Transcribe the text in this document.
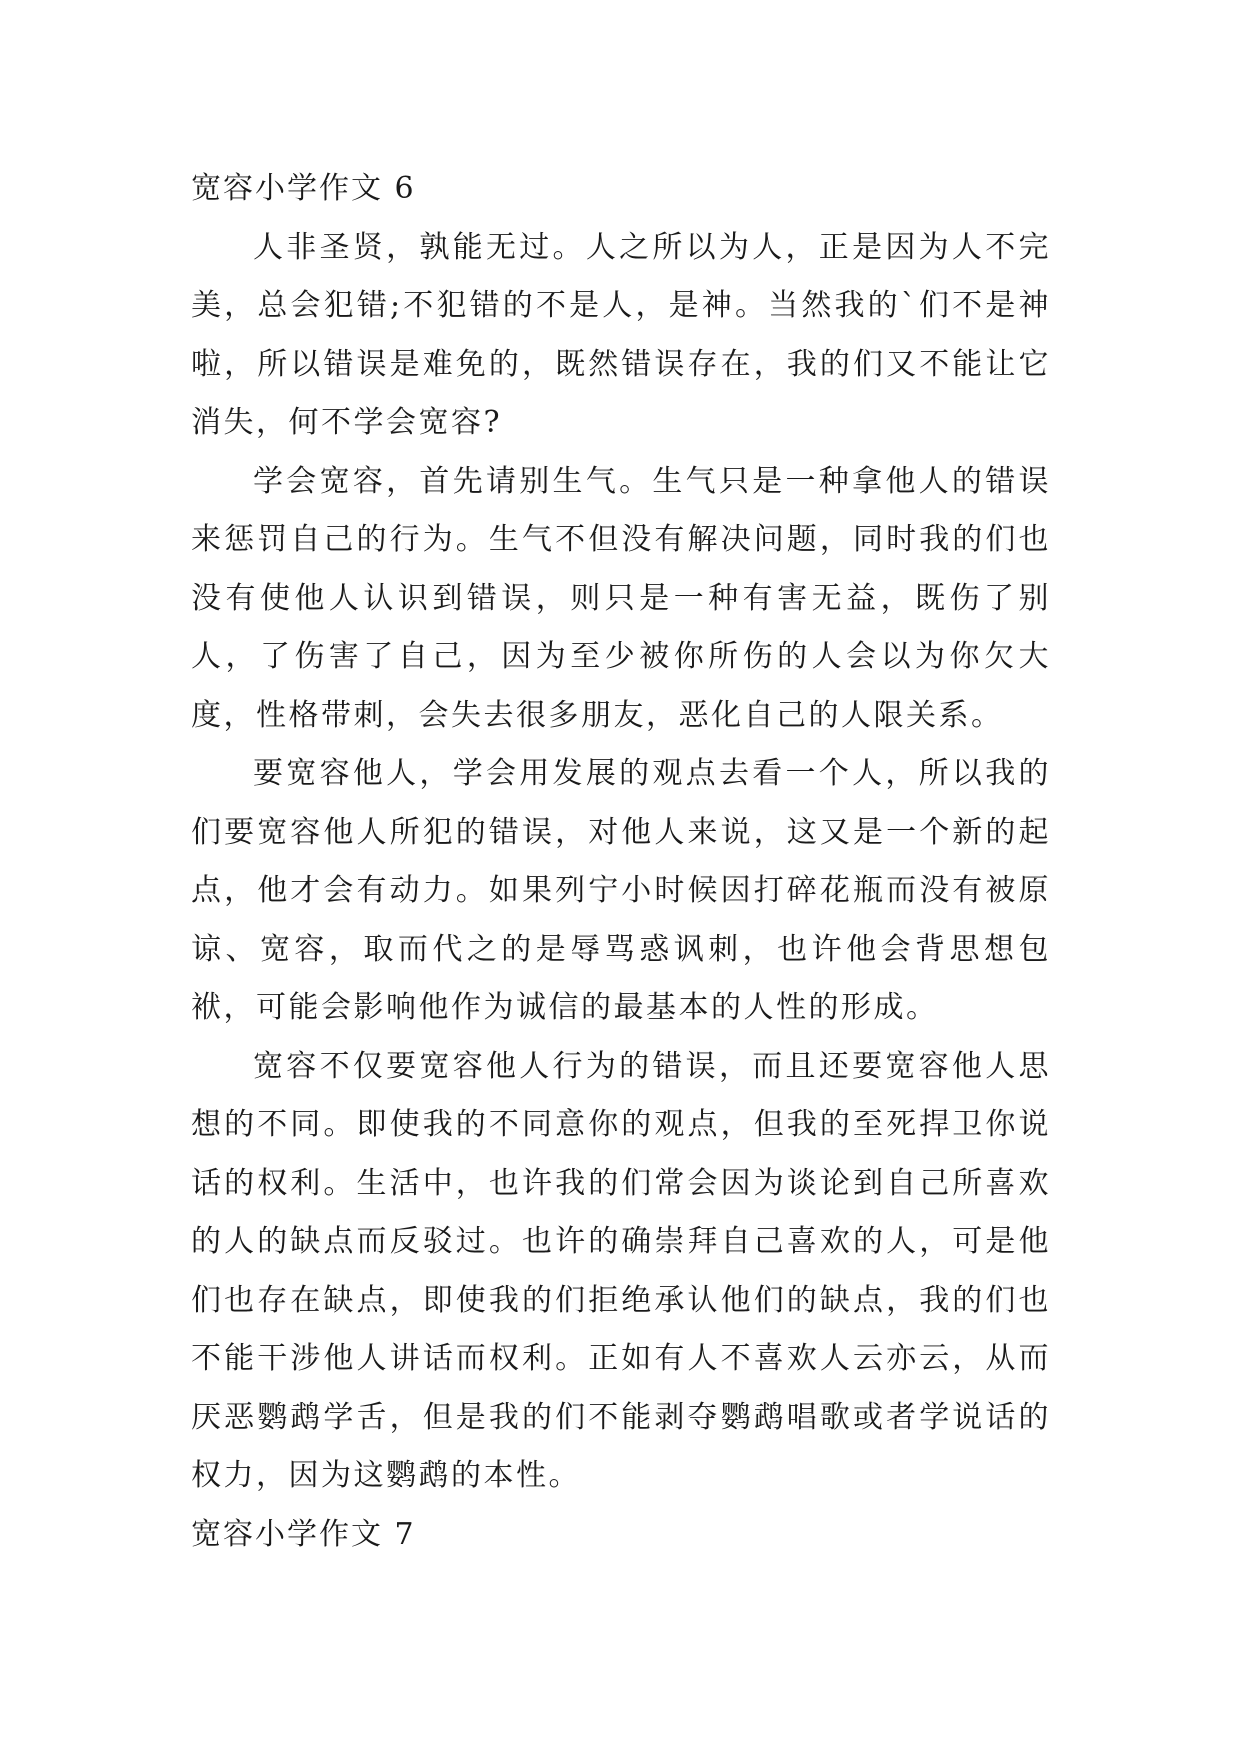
宽容小学作文 6

人非圣贤，孰能无过。人之所以为人，正是因为人不完美，总会犯错;不犯错的不是人，是神。当然我的`们不是神啦，所以错误是难免的，既然错误存在，我的们又不能让它消失，何不学会宽容?

学会宽容，首先请别生气。生气只是一种拿他人的错误来惩罚自己的行为。生气不但没有解决问题，同时我的们也没有使他人认识到错误，则只是一种有害无益，既伤了别人，了伤害了自己，因为至少被你所伤的人会以为你欠大度，性格带刺，会失去很多朋友，恶化自己的人限关系。

要宽容他人，学会用发展的观点去看一个人，所以我的们要宽容他人所犯的错误，对他人来说，这又是一个新的起点，他才会有动力。如果列宁小时候因打碎花瓶而没有被原谅、宽容，取而代之的是辱骂惑讽刺，也许他会背思想包袱，可能会影响他作为诚信的最基本的人性的形成。

宽容不仅要宽容他人行为的错误，而且还要宽容他人思想的不同。即使我的不同意你的观点，但我的至死捍卫你说话的权利。生活中，也许我的们常会因为谈论到自己所喜欢的人的缺点而反驳过。也许的确崇拜自己喜欢的人，可是他们也存在缺点，即使我的们拒绝承认他们的缺点，我的们也不能干涉他人讲话而权利。正如有人不喜欢人云亦云，从而厌恶鹦鹉学舌，但是我的们不能剥夺鹦鹉唱歌或者学说话的权力，因为这鹦鹉的本性。

宽容小学作文 7
